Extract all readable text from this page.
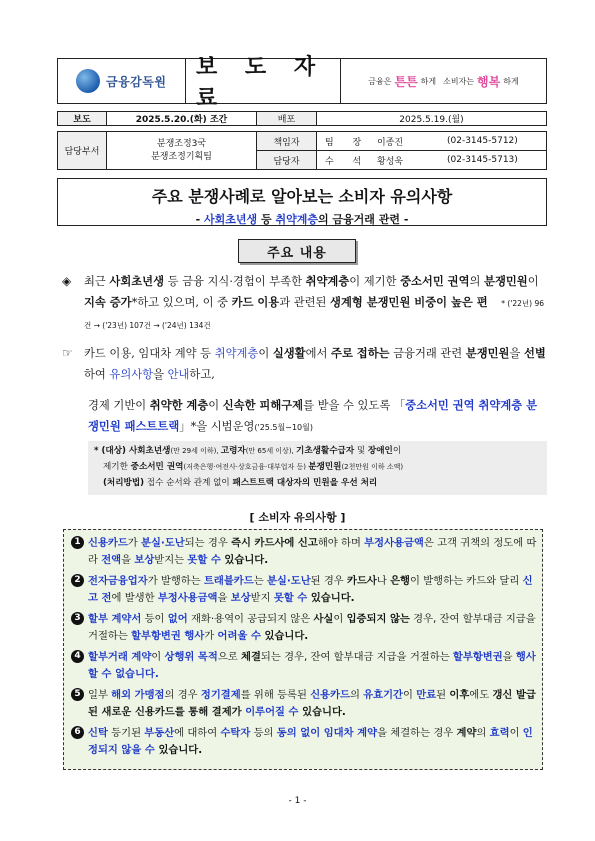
금융감독원
보 도 자 료
금융은 튼튼 하게 소비자는 행복 하게
보도	2025.5.20.(화) 조간	배포	2025.5.19.(월)
담당부서
분쟁조정3국
분쟁조정기획팀
책임자	팀 장 이종진	(02-3145-5712)
담당자	수 석 황성욱	(02-3145-5713)
주요 분쟁사례로 알아보는 소비자 유의사항
- 사회초년생 등 취약계층의 금융거래 관련 -
주요 내용
◈	최근 사회초년생 등 금융 지식·경험이 부족한 취약계층이 제기한 중소서민 권역의 분쟁민원이 지속 증가*하고 있으며, 이 중 카드 이용과 관련된 생계형 분쟁민원 비중이 높은 편 * ('22년) 96건 → ('23년) 107건 → ('24년) 134건
☞ 카드 이용, 임대차 계약 등 취약계층이 실생활에서 주로 접하는 금융거래 관련 분쟁민원을 선별하여 유의사항을 안내하고,
경제 기반이 취약한 계층이 신속한 피해구제를 받을 수 있도록 「중소서민 권역 취약계층 분쟁민원 패스트트랙」*을 시범운영('25.5월∼10월)
* (대상) 사회초년생(만 29세 이하), 고령자(만 65세 이상), 기초생활수급자 및 장애인이
제기한 중소서민 권역(저축은행·여전사·상호금융·대부업자 등) 분쟁민원(2천만원 이하 소액)
(처리방법) 접수 순서와 관계 없이 패스트트랙 대상자의 민원을 우선 처리
[ 소비자 유의사항 ]
1 신용카드가 분실·도난되는 경우 즉시 카드사에 신고해야 하며 부정사용금액은 고객 귀책의 정도에 따라 전액을 보상받지는 못할 수 있습니다.
2 전자금융업자가 발행하는 트래블카드는 분실·도난된 경우 카드사나 은행이 발행하는 카드와 달리 신고 전에 발생한 부정사용금액을 보상받지 못할 수 있습니다.
3 할부 계약서 등이 없어 재화·용역이 공급되지 않은 사실이 입증되지 않는 경우, 잔여 할부대금 지급을 거절하는 할부항변권 행사가 어려울 수 있습니다.
4 할부거래 계약이 상행위 목적으로 체결되는 경우, 잔여 할부대금 지급을 거절하는 할부항변권을 행사할 수 없습니다.
5 일부 해외 가맹점의 경우 정기결제를 위해 등록된 신용카드의 유효기간이 만료된 이후에도 갱신 발급된 새로운 신용카드를 통해 결제가 이루어질 수 있습니다.
6 신탁 등기된 부동산에 대하여 수탁자 등의 동의 없이 임대차 계약을 체결하는 경우 계약의 효력이 인정되지 않을 수 있습니다.
- 1 -
